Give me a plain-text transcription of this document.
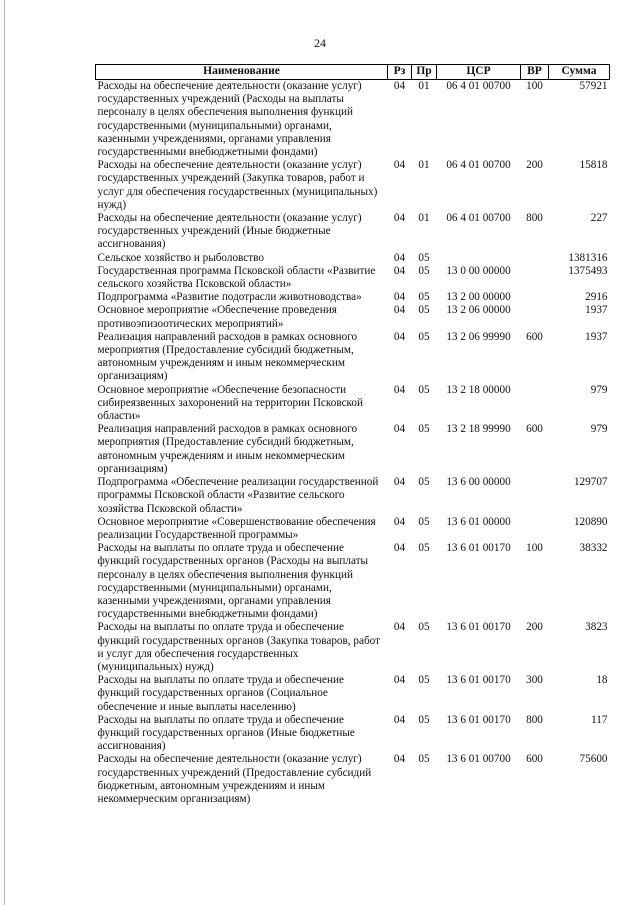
24
Наименование	Рз	Пр	ЦСР	ВР	Сумма
Расходы на обеспечение деятельности (оказание услуг) государственных учреждений (Расходы на выплаты персоналу в целях обеспечения выполнения функций государственными (муниципальными) органами, казенными учреждениями, органами управления государственными внебюджетными фондами)	04	01	06 4 01 00700	100	57921
Расходы на обеспечение деятельности (оказание услуг) государственных учреждений (Закупка товаров, работ и услуг для обеспечения государственных (муниципальных) нужд)	04	01	06 4 01 00700	200	15818
Расходы на обеспечение деятельности (оказание услуг) государственных учреждений (Иные бюджетные ассигнования)	04	01	06 4 01 00700	800	227
Сельское хозяйство и рыболовство	04	05			1381316
Государственная программа Псковской области «Развитие сельского хозяйства Псковской области»	04	05	13 0 00 00000		1375493
Подпрограмма «Развитие подотрасли животноводства»	04	05	13 2 00 00000		2916
Основное мероприятие «Обеспечение проведения противоэпизоотических мероприятий»	04	05	13 2 06 00000		1937
Реализация направлений расходов в рамках основного мероприятия (Предоставление субсидий бюджетным, автономным учреждениям и иным некоммерческим организациям)	04	05	13 2 06 99990	600	1937
Основное мероприятие «Обеспечение безопасности сибиреязвенных захоронений на территории Псковской области»	04	05	13 2 18 00000		979
Реализация направлений расходов в рамках основного мероприятия (Предоставление субсидий бюджетным, автономным учреждениям и иным некоммерческим организациям)	04	05	13 2 18 99990	600	979
Подпрограмма «Обеспечение реализации государственной программы Псковской области «Развитие сельского хозяйства Псковской области»	04	05	13 6 00 00000		129707
Основное мероприятие «Совершенствование обеспечения реализации Государственной программы»	04	05	13 6 01 00000		120890
Расходы на выплаты по оплате труда и обеспечение функций государственных органов (Расходы на выплаты персоналу в целях обеспечения выполнения функций государственными (муниципальными) органами, казенными учреждениями, органами управления государственными внебюджетными фондами)	04	05	13 6 01 00170	100	38332
Расходы на выплаты по оплате труда и обеспечение функций государственных органов (Закупка товаров, работ и услуг для обеспечения государственных (муниципальных) нужд)	04	05	13 6 01 00170	200	3823
Расходы на выплаты по оплате труда и обеспечение функций государственных органов (Социальное обеспечение и иные выплаты населению)	04	05	13 6 01 00170	300	18
Расходы на выплаты по оплате труда и обеспечение функций государственных органов (Иные бюджетные ассигнования)	04	05	13 6 01 00170	800	117
Расходы на обеспечение деятельности (оказание услуг) государственных учреждений (Предоставление субсидий бюджетным, автономным учреждениям и иным некоммерческим организациям)	04	05	13 6 01 00700	600	75600
